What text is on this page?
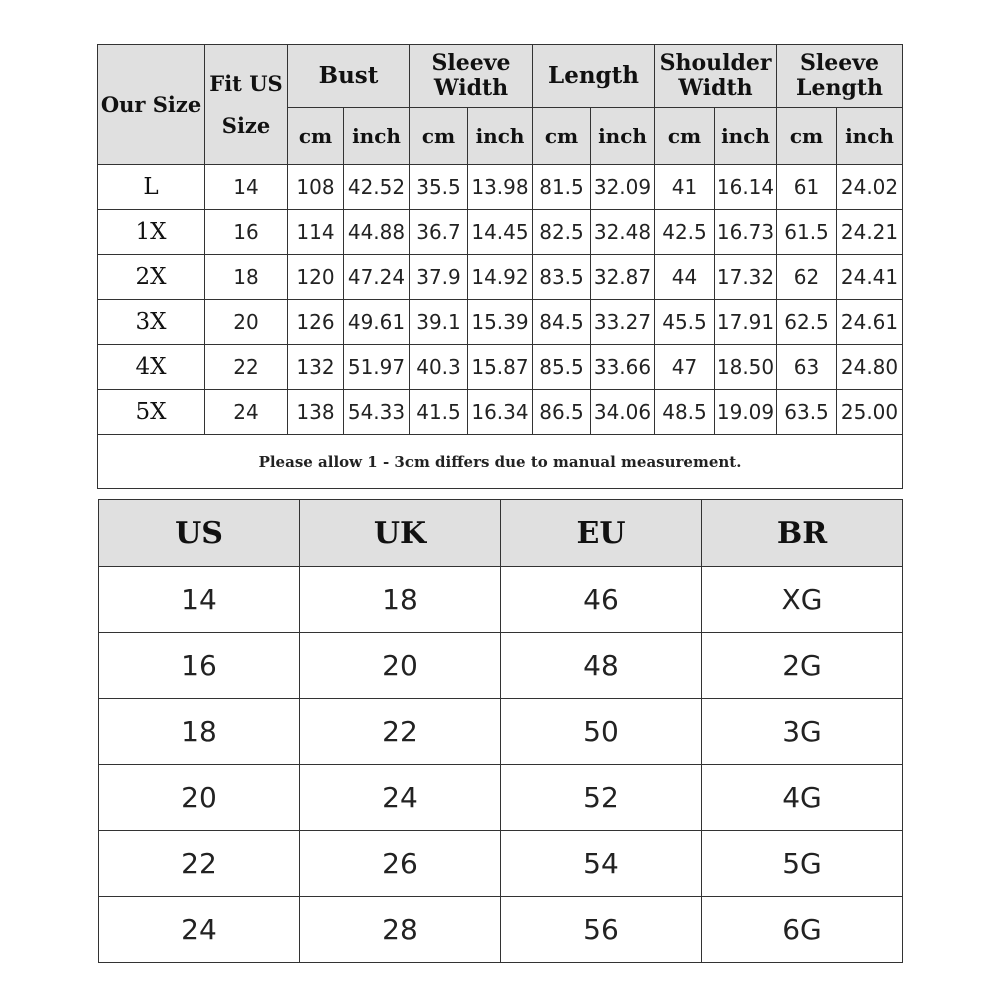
Our Size	Fit US Size	Bust		Sleeve Width		Length		Shoulder Width		Sleeve Length	
		cm	inch	cm	inch	cm	inch	cm	inch	cm	inch
L	14	108	42.52	35.5	13.98	81.5	32.09	41	16.14	61	24.02
1X	16	114	44.88	36.7	14.45	82.5	32.48	42.5	16.73	61.5	24.21
2X	18	120	47.24	37.9	14.92	83.5	32.87	44	17.32	62	24.41
3X	20	126	49.61	39.1	15.39	84.5	33.27	45.5	17.91	62.5	24.61
4X	22	132	51.97	40.3	15.87	85.5	33.66	47	18.50	63	24.80
5X	24	138	54.33	41.5	16.34	86.5	34.06	48.5	19.09	63.5	25.00
Please allow 1 - 3cm differs due to manual measurement.											
US	UK	EU	BR
14	18	46	XG
16	20	48	2G
18	22	50	3G
20	24	52	4G
22	26	54	5G
24	28	56	6G
